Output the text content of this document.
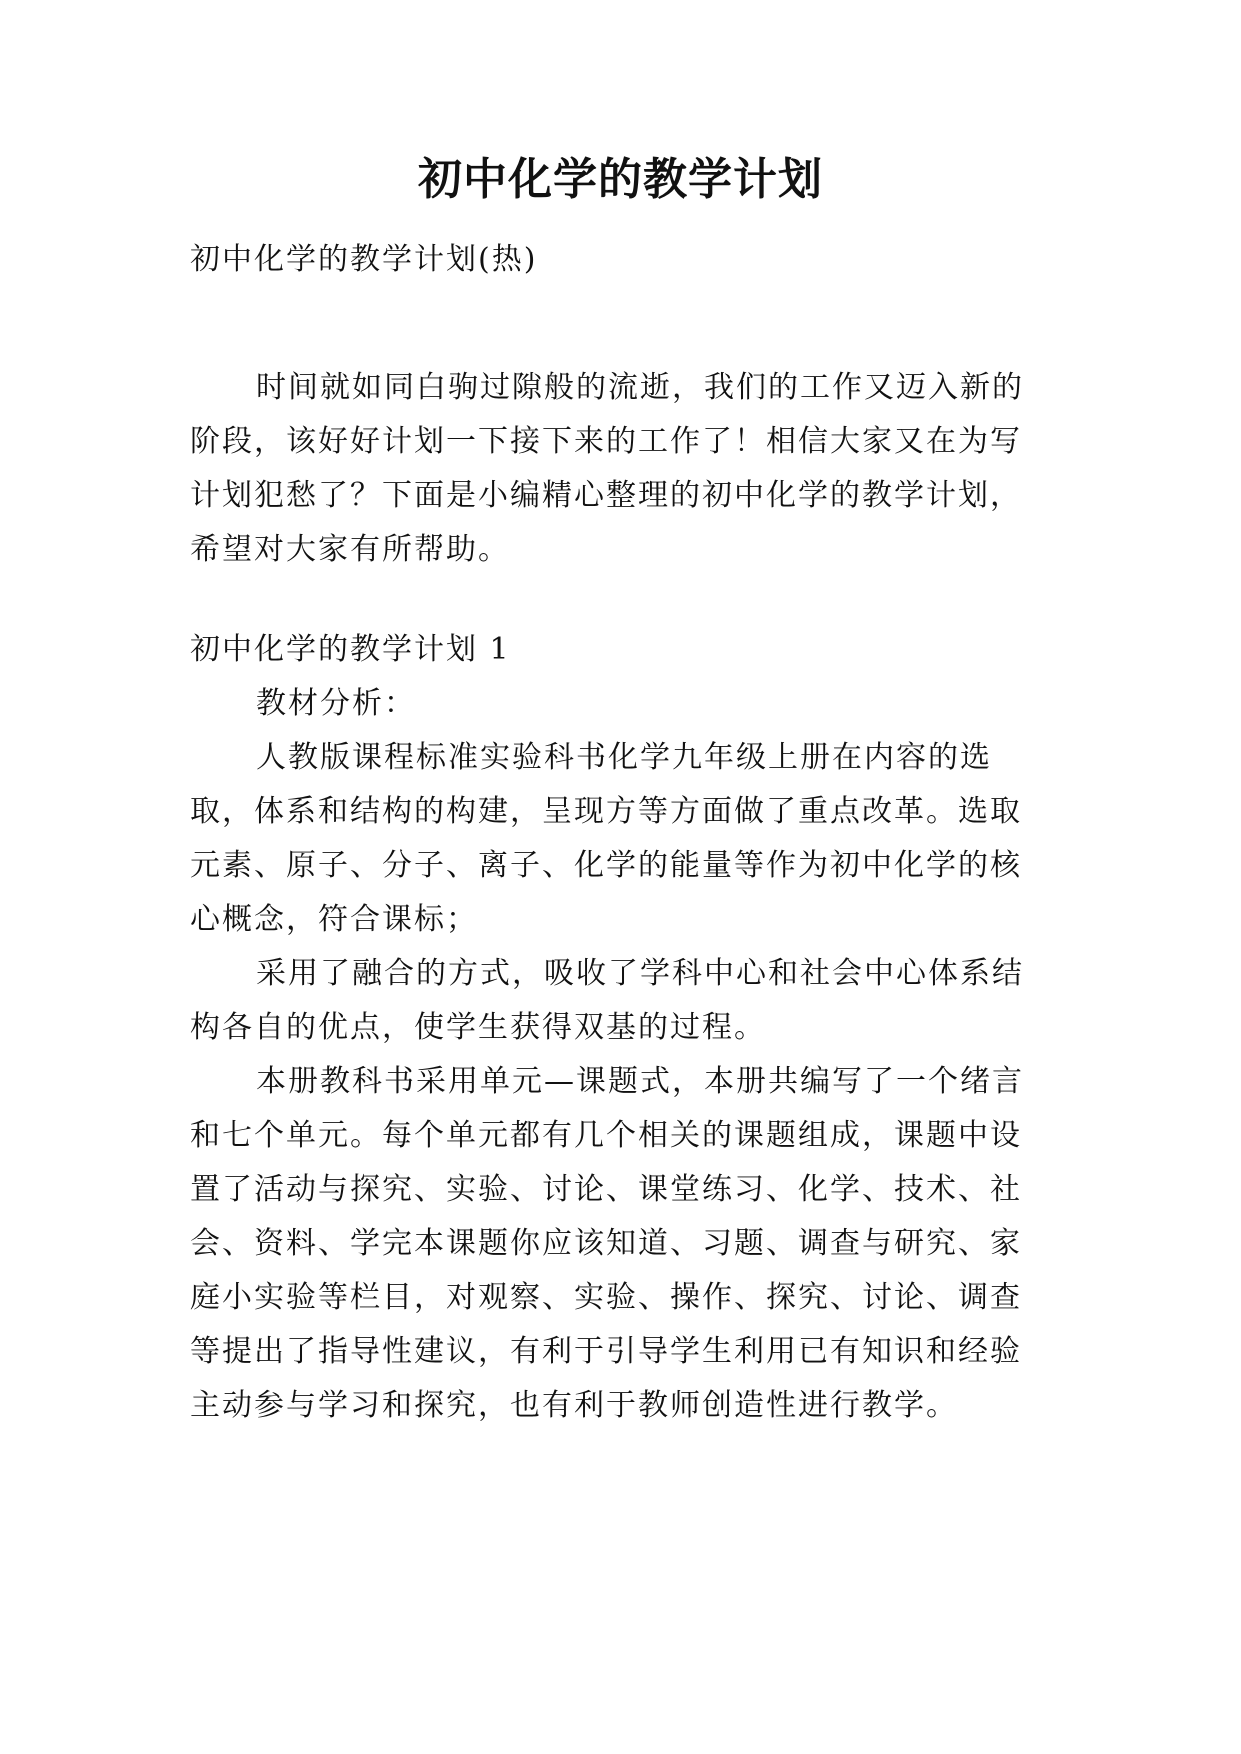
初中化学的教学计划
初中化学的教学计划(热)
时间就如同白驹过隙般的流逝，我们的工作又迈入新的
阶段，该好好计划一下接下来的工作了！相信大家又在为写
计划犯愁了？下面是小编精心整理的初中化学的教学计划，
希望对大家有所帮助。
初中化学的教学计划 1
教材分析：
人教版课程标准实验科书化学九年级上册在内容的选
取，体系和结构的构建，呈现方等方面做了重点改革。选取
元素、原子、分子、离子、化学的能量等作为初中化学的核
心概念，符合课标；
采用了融合的方式，吸收了学科中心和社会中心体系结
构各自的优点，使学生获得双基的过程。
本册教科书采用单元—课题式，本册共编写了一个绪言
和七个单元。每个单元都有几个相关的课题组成，课题中设
置了活动与探究、实验、讨论、课堂练习、化学、技术、社
会、资料、学完本课题你应该知道、习题、调查与研究、家
庭小实验等栏目，对观察、实验、操作、探究、讨论、调查
等提出了指导性建议，有利于引导学生利用已有知识和经验
主动参与学习和探究，也有利于教师创造性进行教学。
